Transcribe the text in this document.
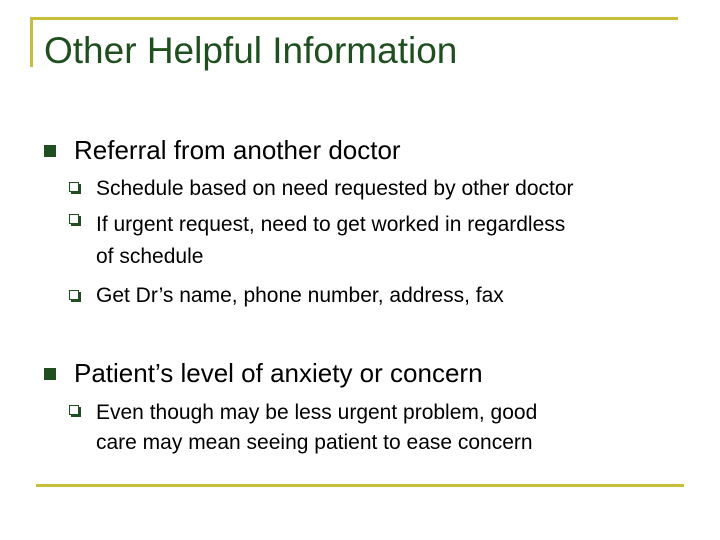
Other Helpful Information

Referral from another doctor

Schedule based on need requested by other doctor

If urgent request, need to get worked in regardless

of schedule

Get Dr’s name, phone number, address, fax

Patient’s level of anxiety or concern

Even though may be less urgent problem, good

care may mean seeing patient to ease concern
